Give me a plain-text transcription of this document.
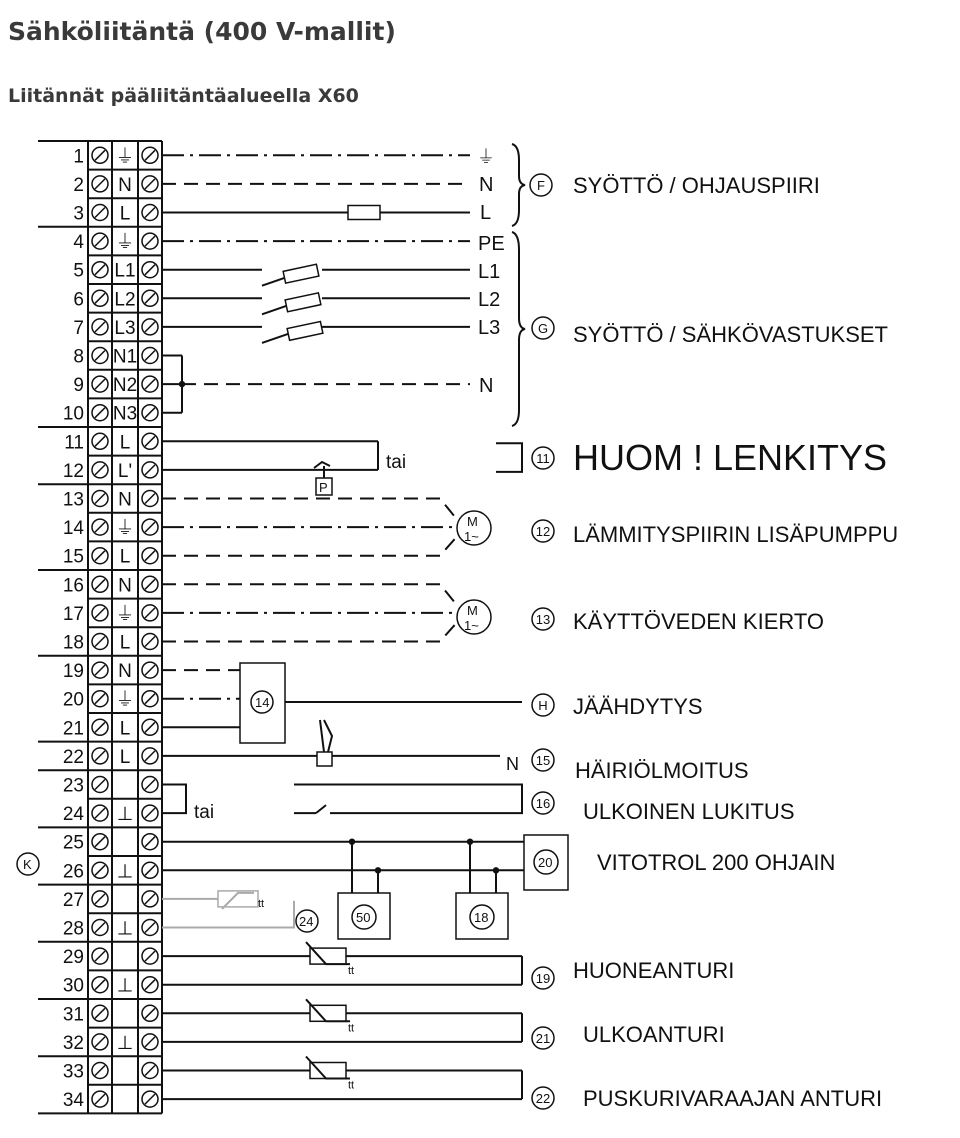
Sähköliitäntä (400 V-mallit)
Liitännät pääliitäntäalueella X60
1 ⏚
2 N
3 L
4 ⏚
5 L1
6 L2
7 L3
8 N1
9 N2
10 N3
11 L
12 L'
13 N
14 ⏚
15 L
16 N
17 ⏚
18 L
19 N
20 ⏚
21 L
22 L
23
24 ⊥
25
26 ⊥
27
28 ⊥
29
30 ⊥
31
32 ⊥
33
34
tt
⏚
N
L
PE
L1
L2
L3
N
tai
tai
P
M
1~
M
1~
14
N
50	18
20
24
K
tt
tt
tt
F
G
11
12
13
H
15
16
19
21
22
SYÖTTÖ / OHJAUSPIIRI
SYÖTTÖ / SÄHKÖVASTUKSET
HUOM ! LENKITYS
LÄMMITYSPIIRIN LISÄPUMPPU
KÄYTTÖVEDEN KIERTO
JÄÄHDYTYS
HÄIRIÖLMOITUS
ULKOINEN LUKITUS
VITOTROL 200 OHJAIN
HUONEANTURI
ULKOANTURI
PUSKURIVARAAJAN ANTURI
